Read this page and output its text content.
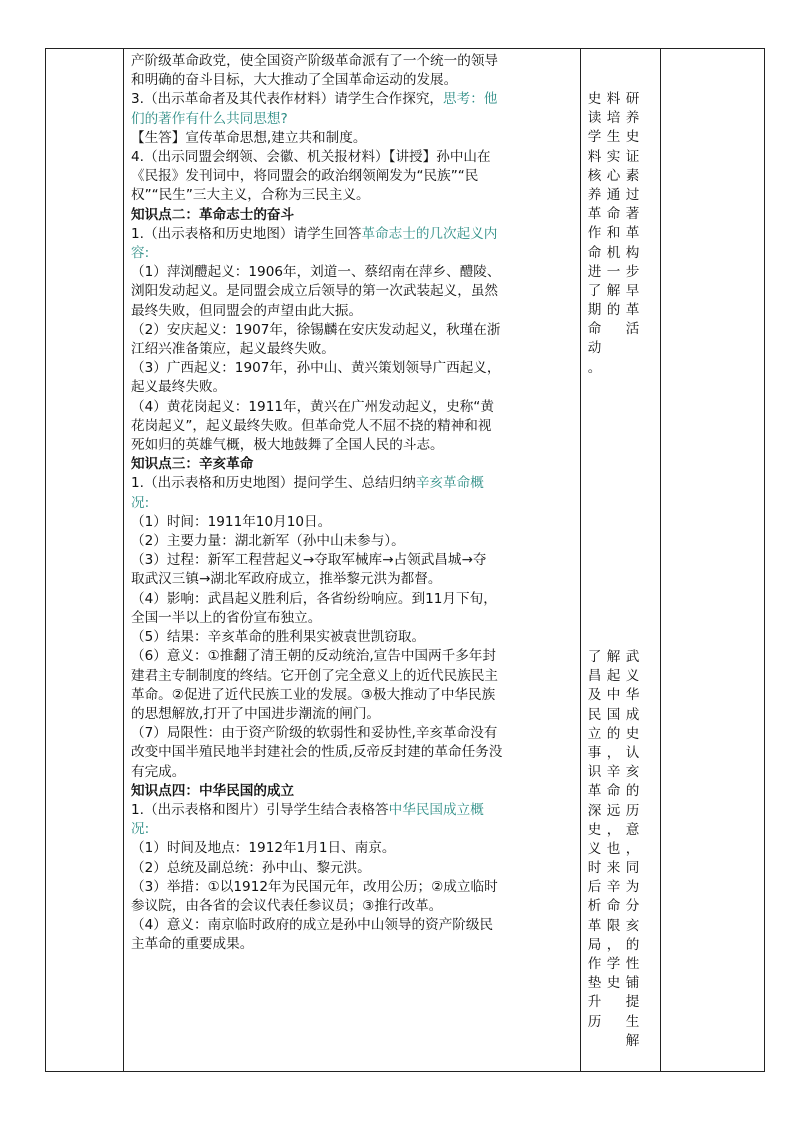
产阶级革命政党，使全国资产阶级革命派有了一个统一的领导

和明确的奋斗目标，大大推动了全国革命运动的发展。

3.（出示革命者及其代表作材料）请学生合作探究，思考：他

们的著作有什么共同思想?

【生答】宣传革命思想,建立共和制度。

4.（出示同盟会纲领、会徽、机关报材料）【讲授】孙中山在

《民报》发刊词中，将同盟会的政治纲领阐发为“民族”“民

权”“民生”三大主义，合称为三民主义。

知识点二：革命志士的奋斗

1.（出示表格和历史地图）请学生回答革命志士的几次起义内

容:

（1）萍浏醴起义：1906年，刘道一、蔡绍南在萍乡、醴陵、

浏阳发动起义。是同盟会成立后领导的第一次武装起义，虽然

最终失败，但同盟会的声望由此大振。

（2）安庆起义：1907年，徐锡麟在安庆发动起义，秋瑾在浙

江绍兴准备策应，起义最终失败。

（3）广西起义：1907年，孙中山、黄兴策划领导广西起义，

起义最终失败。

（4）黄花岗起义：1911年，黄兴在广州发动起义，史称“黄

花岗起义”，起义最终失败。但革命党人不屈不挠的精神和视

死如归的英雄气概，极大地鼓舞了全国人民的斗志。

知识点三：辛亥革命

1.（出示表格和历史地图）提问学生、总结归纳辛亥革命概

况:

（1）时间：1911年10月10日。

（2）主要力量：湖北新军（孙中山未参与）。

（3）过程：新军工程营起义→夺取军械库→占领武昌城→夺

取武汉三镇→湖北军政府成立，推举黎元洪为都督。

（4）影响：武昌起义胜利后，各省纷纷响应。到11月下旬，

全国一半以上的省份宣布独立。

（5）结果：辛亥革命的胜利果实被袁世凯窃取。

（6）意义：①推翻了清王朝的反动统治,宣告中国两千多年封

建君主专制制度的终结。它开创了完全意义上的近代民族民主

革命。②促进了近代民族工业的发展。③极大推动了中华民族

的思想解放,打开了中国进步潮流的闸门。

（7）局限性：由于资产阶级的软弱性和妥协性,辛亥革命没有

改变中国半殖民地半封建社会的性质,反帝反封建的革命任务没

有完成。

知识点四：中华民国的成立

1.（出示表格和图片）引导学生结合表格答中华民国成立概

况:

（1）时间及地点：1912年1月1日、南京。

（2）总统及副总统：孙中山、黎元洪。

（3）举措：①以1912年为民国元年，改用公历；②成立临时

参议院，由各省的会议代表任参议员；③推行改革。

（4）意义：南京临时政府的成立是孙中山领导的资产阶级民

主革命的重要成果。

研
养
史
证
素
过
著
革
构
步
早
革
活
料
培
生
实
心
通
命
和
机
一
解
的
史
读
学
料
核
养
革
作
命
进
了
期
命
动
。
武
义
华
成
史
认
亥
的
历
意
，
同
为
分
亥
的
性
铺
提
生
解
解
起
中
国
的
，
辛
命
远
，
也
来
辛
命
限
，
学
史
了
昌
及
民
立
事
识
革
深
史
义
时
后
析
革
局
作
垫
升
历
